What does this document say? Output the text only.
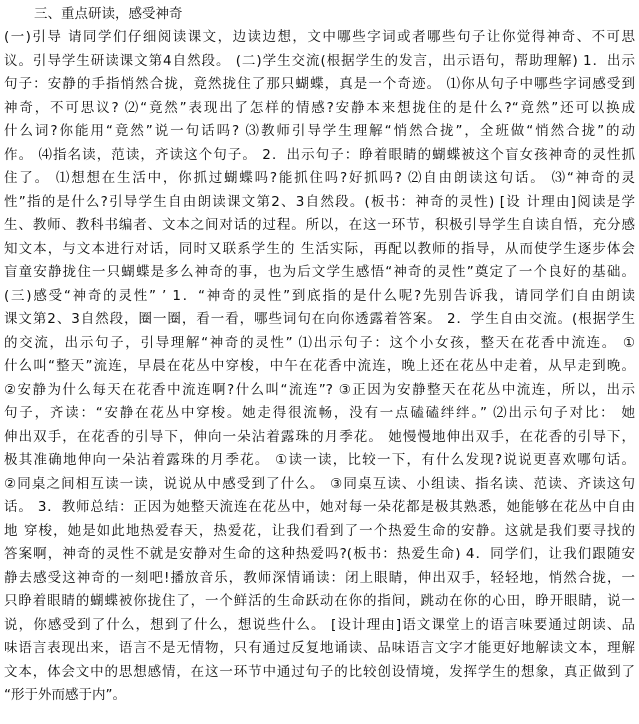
三、重点研读，感受神奇
(一)引导 请同学们仔细阅读课文，边读边想，文中哪些字词或者哪些句子让你觉得神奇、不可思
议。引导学生研读课文第4自然段。 (二)学生交流(根据学生的发言，出示语句，帮助理解) 1．出示
句子：安静的手指悄然合拢，竟然拢住了那只蝴蝶，真是一个奇迹。 ⑴你从句子中哪些字词感受到
神奇，不可思议? ⑵“竟然”表现出了怎样的情感?安静本来想拢住的是什么?“竟然”还可以换成
什么词?你能用“竟然”说一句话吗? ⑶教师引导学生理解“悄然合拢”，全班做“悄然合拢”的动
作。 ⑷指名读，范读，齐读这个句子。 2．出示句子：睁着眼睛的蝴蝶被这个盲女孩神奇的灵性抓
住了。 ⑴想想在生活中，你抓过蝴蝶吗?能抓住吗?好抓吗? ⑵自由朗读这句话。 ⑶“神奇的灵
性”指的是什么?引导学生自由朗读课文第2、3自然段。(板书：神奇的灵性) [设 计理由]阅读是学
生、教师、教科书编者、文本之间对话的过程。所以，在这一环节，积极引导学生自读自悟，充分感
知文本，与文本进行对话，同时又联系学生的 生活实际，再配以教师的指导，从而使学生逐步体会
盲童安静拢住一只蝴蝶是多么神奇的事，也为后文学生感悟“神奇的灵性”奠定了一个良好的基础。
(三)感受“神奇的灵性” ’ 1．“神奇的灵性”到底指的是什么呢?先别告诉我，请同学们自由朗读
课文第2、3自然段，圈一圈，看一看，哪些词句在向你透露着答案。 2．学生自由交流。(根据学生
的交流，出示句子，引导理解“神奇的灵性” ⑴出示句子：这个小女孩，整天在花香中流连。 ①
什么叫“整天”流连，早晨在花丛中穿梭，中午在花香中流连，晚上还在花丛中走着，从早走到晚。
②安静为什么每天在花香中流连啊?什么叫“流连”? ③正因为安静整天在花丛中流连，所以，出示
句子，齐读：“安静在花丛中穿梭。她走得很流畅，没有一点磕磕绊绊。” ⑵出示句子对比： 她
伸出双手，在花香的引导下，伸向一朵沾着露珠的月季花。 她慢慢地伸出双手，在花香的引导下，
极其准确地伸向一朵沾着露珠的月季花。 ①读一读，比较一下，有什么发现?说说更喜欢哪句话。
②同桌之间相互读一读，说说从中感受到了什么。 ③同桌互读、小组读、指名读、范读、齐读这句
话。 3．教师总结：正因为她整天流连在花丛中，她对每一朵花都是极其熟悉，她能够在花丛中自由
地 穿梭，她是如此地热爱春天，热爱花，让我们看到了一个热爱生命的安静。这就是我们要寻找的
答案啊，神奇的灵性不就是安静对生命的这种热爱吗?(板书：热爱生命) 4．同学们，让我们跟随安
静去感受这神奇的一刻吧!播放音乐，教师深情诵读：闭上眼睛，伸出双手，轻轻地，悄然合拢，一
只睁着眼睛的蝴蝶被你拢住了，一个鲜活的生命跃动在你的指间，跳动在你的心田，睁开眼睛，说一
说，你感受到了什么，想到了什么，想说些什么。 [设计理由]语文课堂上的语言味要通过朗读、品
味语言表现出来，语言不是无情物，只有通过反复地诵读、品味语言文字才能更好地解读文本，理解
文本，体会文中的思想感情，在这一环节中通过句子的比较创设情境，发挥学生的想象，真正做到了
“形于外而感于内”。
